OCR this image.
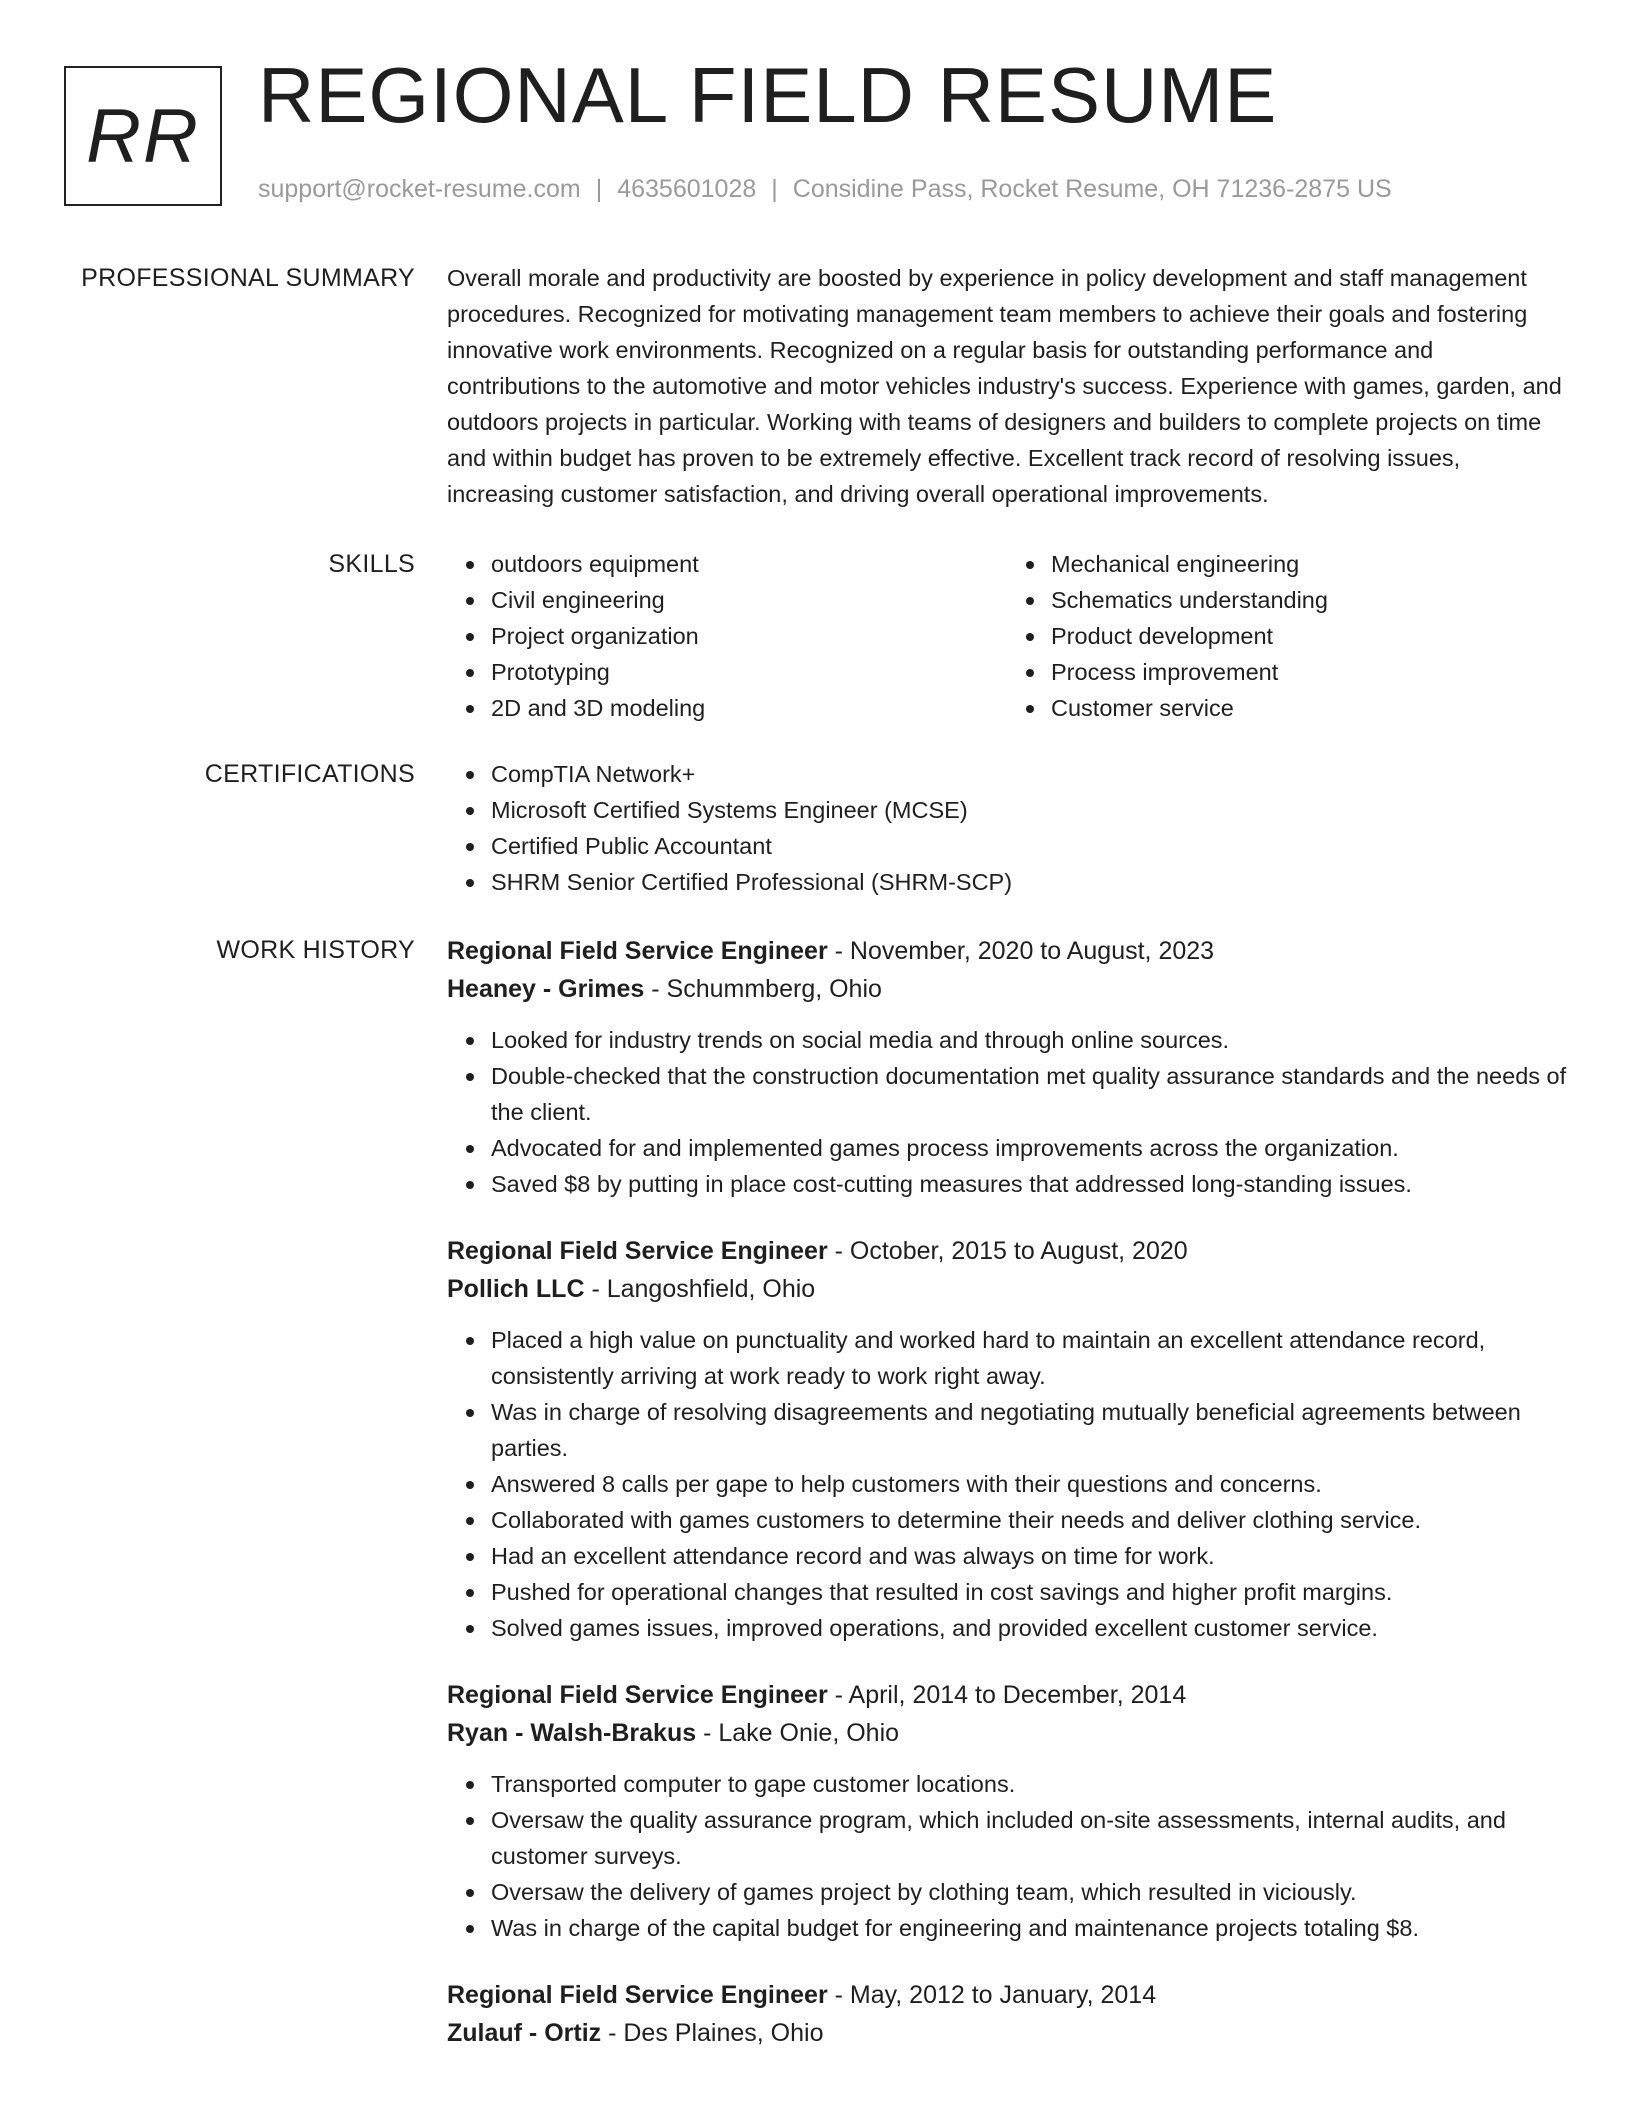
RR REGIONAL FIELD RESUME
support@rocket-resume.com | 4635601028 | Considine Pass, Rocket Resume, OH 71236-2875 US
PROFESSIONAL SUMMARY Overall morale and productivity are boosted by experience in policy development and staff management procedures. Recognized for motivating management team members to achieve their goals and fostering innovative work environments. Recognized on a regular basis for outstanding performance and contributions to the automotive and motor vehicles industry's success. Experience with games, garden, and outdoors projects in particular. Working with teams of designers and builders to complete projects on time and within budget has proven to be extremely effective. Excellent track record of resolving issues, increasing customer satisfaction, and driving overall operational improvements.

SKILLS	outdoors equipment
Civil engineering
Project organization
Prototyping
2D and 3D modeling
Mechanical engineering
Schematics understanding
Product development
Process improvement
Customer service
CERTIFICATIONS	CompTIA Network+
Microsoft Certified Systems Engineer (MCSE)
Certified Public Accountant
SHRM Senior Certified Professional (SHRM-SCP)
WORK HISTORY Regional Field Service Engineer - November, 2020 to August, 2023
Heaney - Grimes - Schummberg, Ohio
Looked for industry trends on social media and through online sources.
Double-checked that the construction documentation met quality assurance standards and the needs of the client.
Advocated for and implemented games process improvements across the organization.
Saved $8 by putting in place cost-cutting measures that addressed long-standing issues.
Regional Field Service Engineer - October, 2015 to August, 2020
Pollich LLC - Langoshfield, Ohio
Placed a high value on punctuality and worked hard to maintain an excellent attendance record, consistently arriving at work ready to work right away.
Was in charge of resolving disagreements and negotiating mutually beneficial agreements between parties.
Answered 8 calls per gape to help customers with their questions and concerns.
Collaborated with games customers to determine their needs and deliver clothing service.
Had an excellent attendance record and was always on time for work.
Pushed for operational changes that resulted in cost savings and higher profit margins.
Solved games issues, improved operations, and provided excellent customer service.
Regional Field Service Engineer - April, 2014 to December, 2014
Ryan - Walsh-Brakus - Lake Onie, Ohio
Transported computer to gape customer locations.
Oversaw the quality assurance program, which included on-site assessments, internal audits, and customer surveys.
Oversaw the delivery of games project by clothing team, which resulted in viciously.
Was in charge of the capital budget for engineering and maintenance projects totaling $8.
Regional Field Service Engineer - May, 2012 to January, 2014
Zulauf - Ortiz - Des Plaines, Ohio
